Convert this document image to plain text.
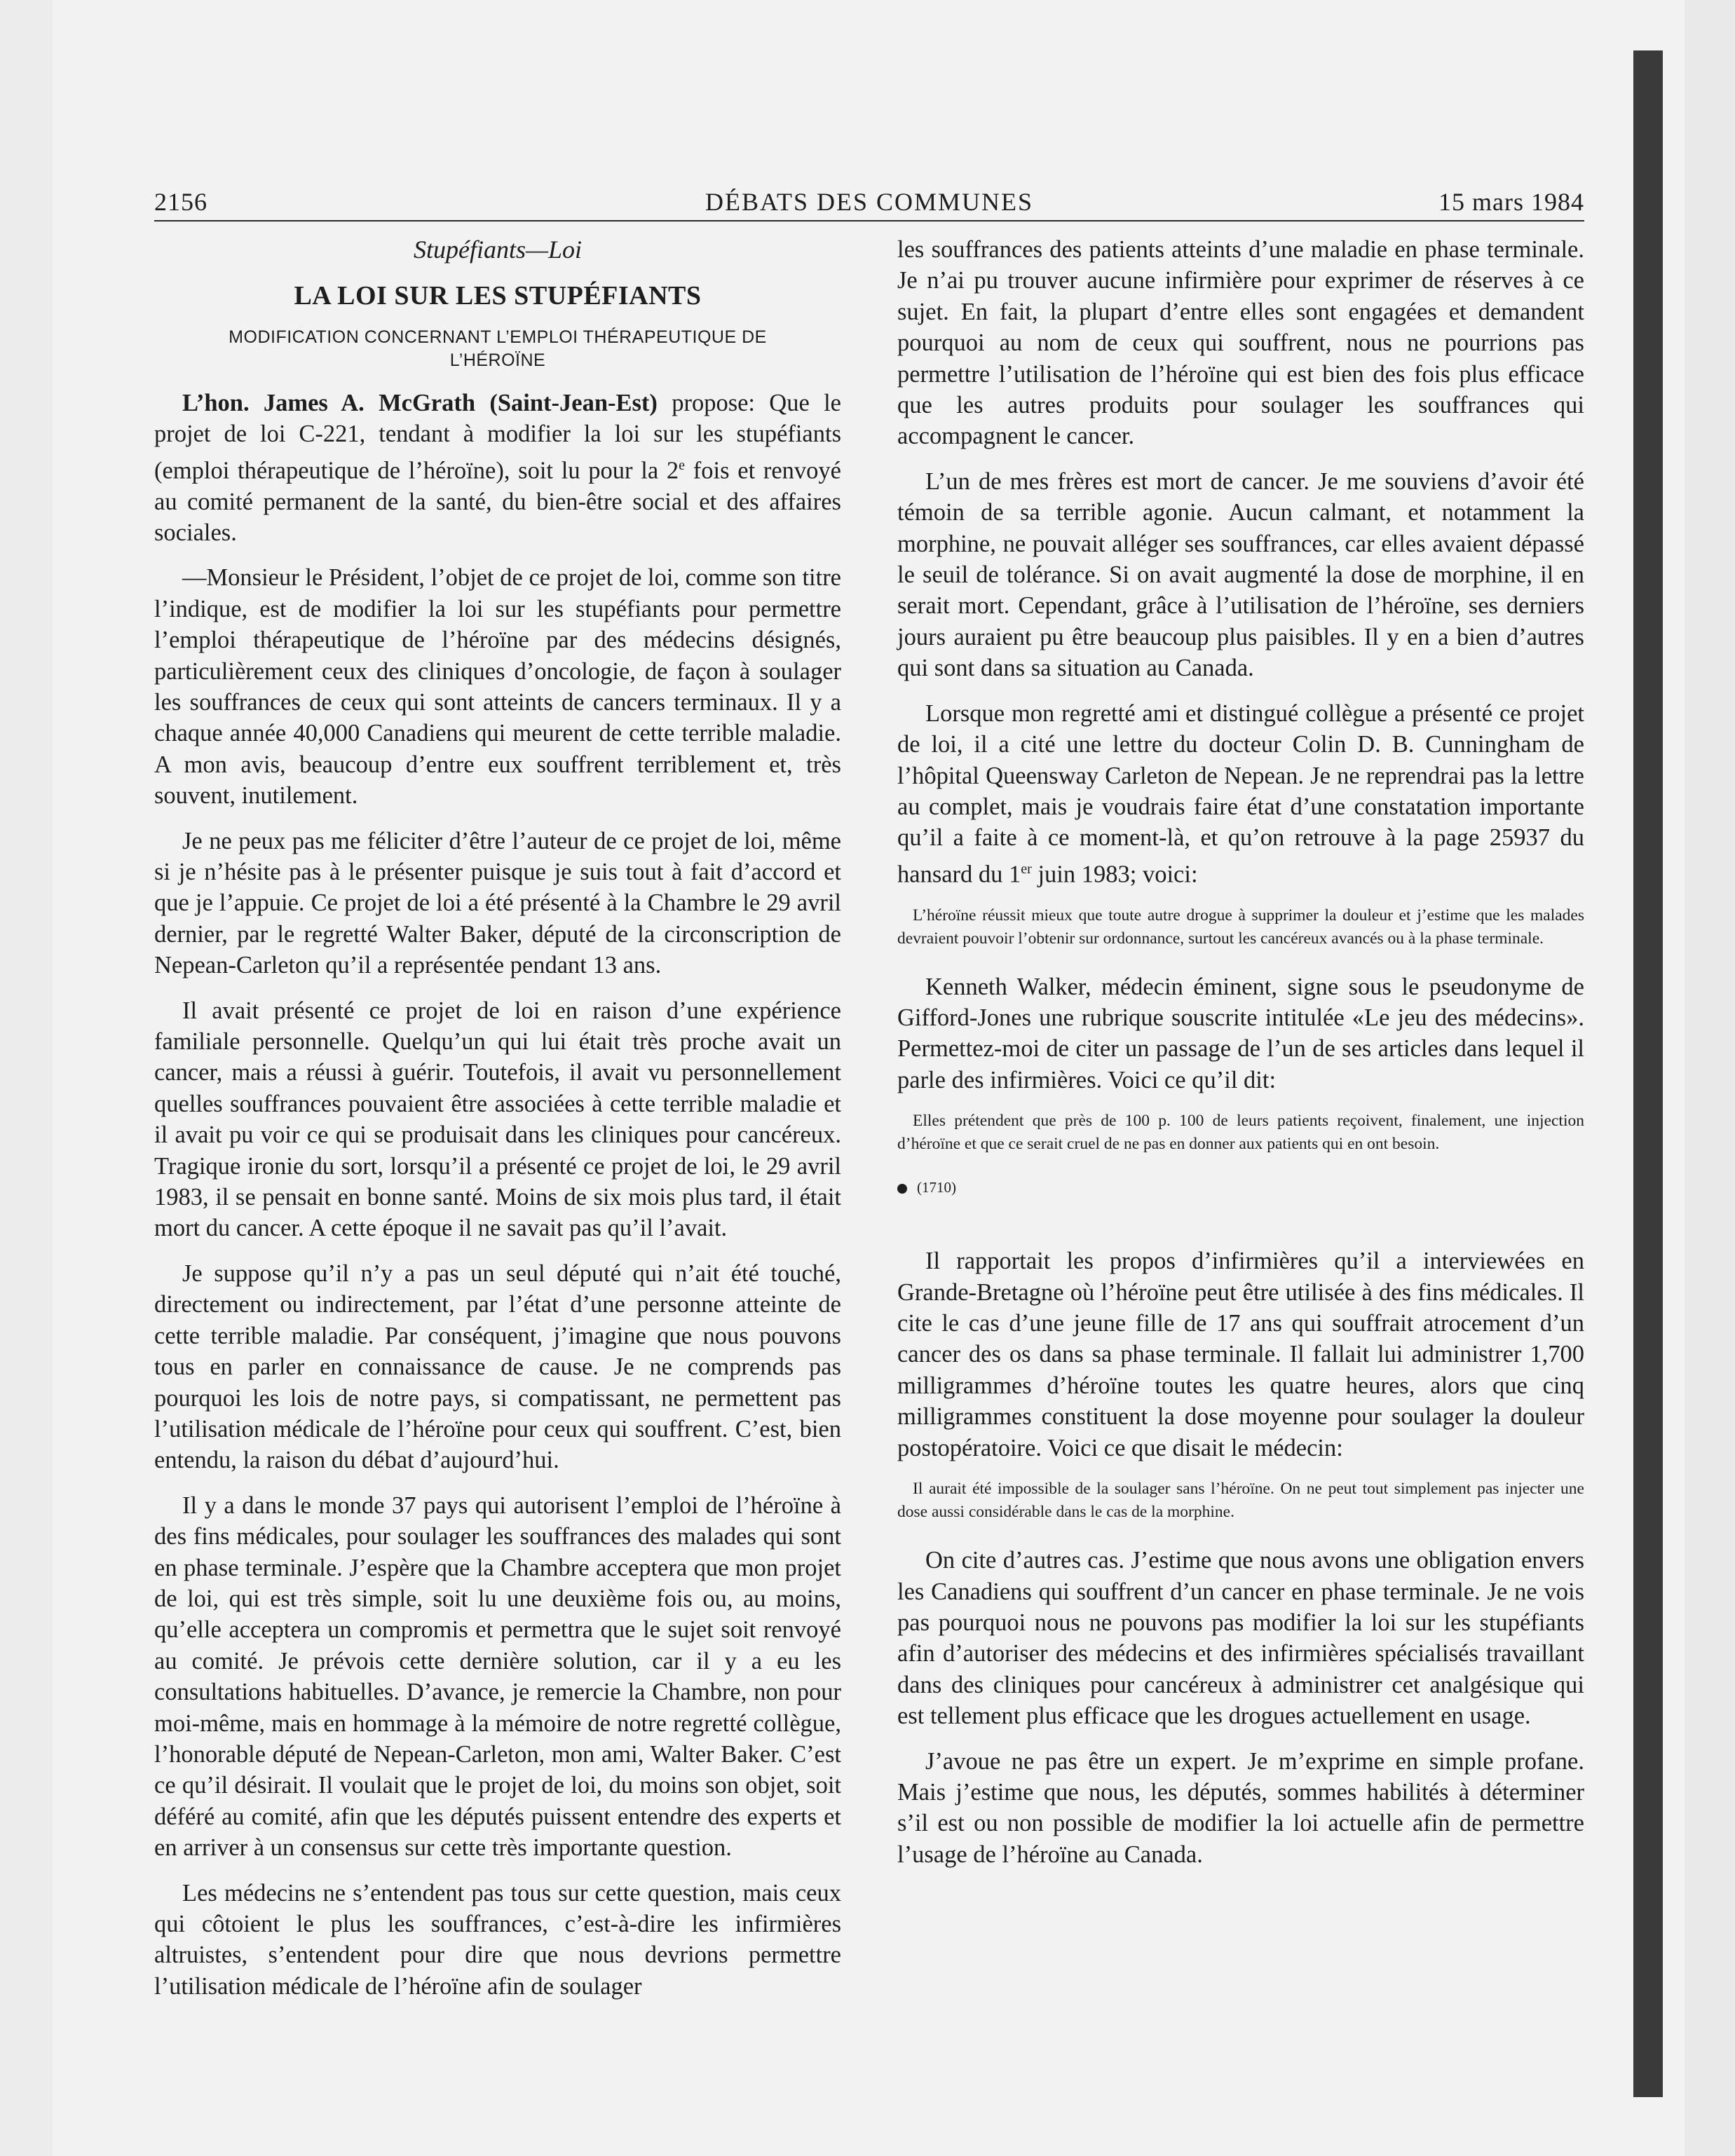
2156	DÉBATS DES COMMUNES	15 mars 1984
Stupéfiants—Loi
LA LOI SUR LES STUPÉFIANTS
MODIFICATION CONCERNANT L’EMPLOI THÉRAPEUTIQUE DE
L’HÉROÏNE

L’hon. James A. McGrath (Saint-Jean-Est) propose: Que le projet de loi C-221, tendant à modifier la loi sur les stupéfiants (emploi thérapeutique de l’héroïne), soit lu pour la 2e fois et renvoyé au comité permanent de la santé, du bien-être social et des affaires sociales.

—Monsieur le Président, l’objet de ce projet de loi, comme son titre l’indique, est de modifier la loi sur les stupéfiants pour permettre l’emploi thérapeutique de l’héroïne par des médecins désignés, particulièrement ceux des cliniques d’oncologie, de façon à soulager les souffrances de ceux qui sont atteints de cancers terminaux. Il y a chaque année 40,000 Canadiens qui meurent de cette terrible maladie. A mon avis, beaucoup d’entre eux souffrent terriblement et, très souvent, inutilement.

Je ne peux pas me féliciter d’être l’auteur de ce projet de loi, même si je n’hésite pas à le présenter puisque je suis tout à fait d’accord et que je l’appuie. Ce projet de loi a été présenté à la Chambre le 29 avril dernier, par le regretté Walter Baker, député de la circonscription de Nepean-Carleton qu’il a représentée pendant 13 ans.

Il avait présenté ce projet de loi en raison d’une expérience familiale personnelle. Quelqu’un qui lui était très proche avait un cancer, mais a réussi à guérir. Toutefois, il avait vu personnellement quelles souffrances pouvaient être associées à cette terrible maladie et il avait pu voir ce qui se produisait dans les cliniques pour cancéreux. Tragique ironie du sort, lorsqu’il a présenté ce projet de loi, le 29 avril 1983, il se pensait en bonne santé. Moins de six mois plus tard, il était mort du cancer. A cette époque il ne savait pas qu’il l’avait.

Je suppose qu’il n’y a pas un seul député qui n’ait été touché, directement ou indirectement, par l’état d’une personne atteinte de cette terrible maladie. Par conséquent, j’imagine que nous pouvons tous en parler en connaissance de cause. Je ne comprends pas pourquoi les lois de notre pays, si compatissant, ne permettent pas l’utilisation médicale de l’héroïne pour ceux qui souffrent. C’est, bien entendu, la raison du débat d’aujourd’hui.

Il y a dans le monde 37 pays qui autorisent l’emploi de l’héroïne à des fins médicales, pour soulager les souffrances des malades qui sont en phase terminale. J’espère que la Chambre acceptera que mon projet de loi, qui est très simple, soit lu une deuxième fois ou, au moins, qu’elle acceptera un compromis et permettra que le sujet soit renvoyé au comité. Je prévois cette dernière solution, car il y a eu les consultations habituelles. D’avance, je remercie la Chambre, non pour moi-même, mais en hommage à la mémoire de notre regretté collègue, l’honorable député de Nepean-Carleton, mon ami, Walter Baker. C’est ce qu’il désirait. Il voulait que le projet de loi, du moins son objet, soit déféré au comité, afin que les députés puissent entendre des experts et en arriver à un consensus sur cette très importante question.

Les médecins ne s’entendent pas tous sur cette question, mais ceux qui côtoient le plus les souffrances, c’est-à-dire les infirmières altruistes, s’entendent pour dire que nous devrions permettre l’utilisation médicale de l’héroïne afin de soulager

les souffrances des patients atteints d’une maladie en phase terminale. Je n’ai pu trouver aucune infirmière pour exprimer de réserves à ce sujet. En fait, la plupart d’entre elles sont engagées et demandent pourquoi au nom de ceux qui souffrent, nous ne pourrions pas permettre l’utilisation de l’héroïne qui est bien des fois plus efficace que les autres produits pour soulager les souffrances qui accompagnent le cancer.

L’un de mes frères est mort de cancer. Je me souviens d’avoir été témoin de sa terrible agonie. Aucun calmant, et notamment la morphine, ne pouvait alléger ses souffrances, car elles avaient dépassé le seuil de tolérance. Si on avait augmenté la dose de morphine, il en serait mort. Cependant, grâce à l’utilisation de l’héroïne, ses derniers jours auraient pu être beaucoup plus paisibles. Il y en a bien d’autres qui sont dans sa situation au Canada.

Lorsque mon regretté ami et distingué collègue a présenté ce projet de loi, il a cité une lettre du docteur Colin D. B. Cunningham de l’hôpital Queensway Carleton de Nepean. Je ne reprendrai pas la lettre au complet, mais je voudrais faire état d’une constatation importante qu’il a faite à ce moment-là, et qu’on retrouve à la page 25937 du hansard du 1er juin 1983; voici:

L’héroïne réussit mieux que toute autre drogue à supprimer la douleur et j’estime que les malades devraient pouvoir l’obtenir sur ordonnance, surtout les cancéreux avancés ou à la phase terminale.

Kenneth Walker, médecin éminent, signe sous le pseudonyme de Gifford-Jones une rubrique souscrite intitulée «Le jeu des médecins». Permettez-moi de citer un passage de l’un de ses articles dans lequel il parle des infirmières. Voici ce qu’il dit:

Elles prétendent que près de 100 p. 100 de leurs patients reçoivent, finalement, une injection d’héroïne et que ce serait cruel de ne pas en donner aux patients qui en ont besoin.
(1710)

Il rapportait les propos d’infirmières qu’il a interviewées en Grande-Bretagne où l’héroïne peut être utilisée à des fins médicales. Il cite le cas d’une jeune fille de 17 ans qui souffrait atrocement d’un cancer des os dans sa phase terminale. Il fallait lui administrer 1,700 milligrammes d’héroïne toutes les quatre heures, alors que cinq milligrammes constituent la dose moyenne pour soulager la douleur postopératoire. Voici ce que disait le médecin:

Il aurait été impossible de la soulager sans l’héroïne. On ne peut tout simplement pas injecter une dose aussi considérable dans le cas de la morphine.

On cite d’autres cas. J’estime que nous avons une obligation envers les Canadiens qui souffrent d’un cancer en phase terminale. Je ne vois pas pourquoi nous ne pouvons pas modifier la loi sur les stupéfiants afin d’autoriser des médecins et des infirmières spécialisés travaillant dans des cliniques pour cancéreux à administrer cet analgésique qui est tellement plus efficace que les drogues actuellement en usage.

J’avoue ne pas être un expert. Je m’exprime en simple profane. Mais j’estime que nous, les députés, sommes habilités à déterminer s’il est ou non possible de modifier la loi actuelle afin de permettre l’usage de l’héroïne au Canada.
